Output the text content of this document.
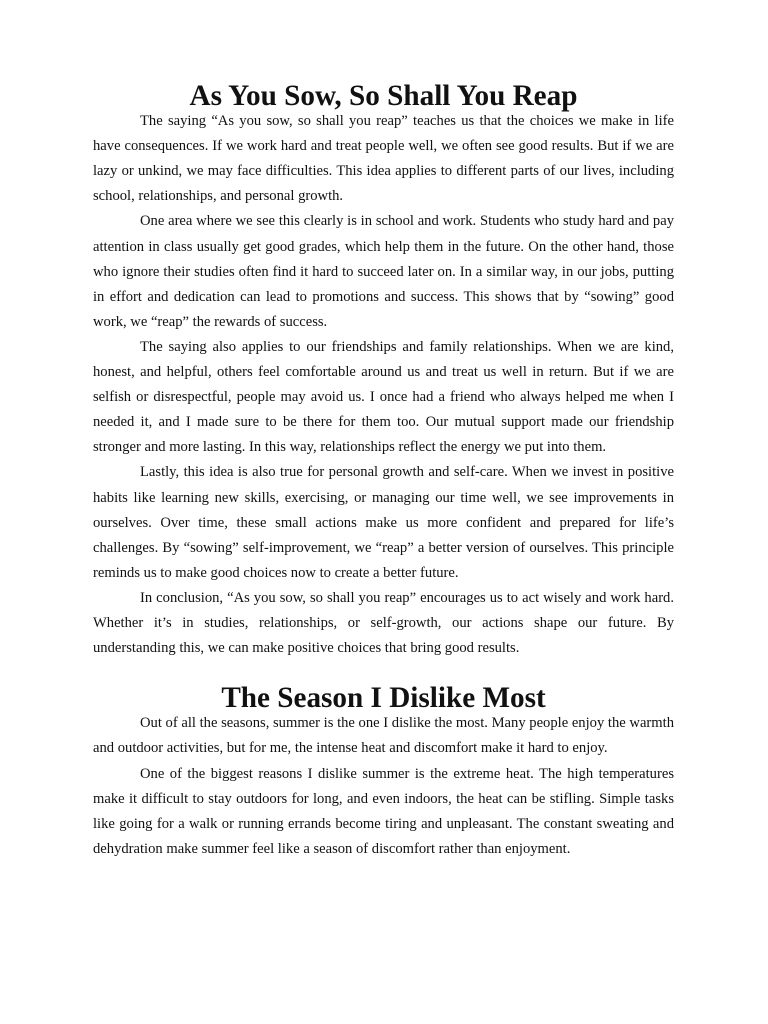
As You Sow, So Shall You Reap

The saying “As you sow, so shall you reap” teaches us that the choices we make in life have consequences. If we work hard and treat people well, we often see good results. But if we are lazy or unkind, we may face difficulties. This idea applies to different parts of our lives, including school, relationships, and personal growth.

One area where we see this clearly is in school and work. Students who study hard and pay attention in class usually get good grades, which help them in the future. On the other hand, those who ignore their studies often find it hard to succeed later on. In a similar way, in our jobs, putting in effort and dedication can lead to promotions and success. This shows that by “sowing” good work, we “reap” the rewards of success.

The saying also applies to our friendships and family relationships. When we are kind, honest, and helpful, others feel comfortable around us and treat us well in return. But if we are selfish or disrespectful, people may avoid us. I once had a friend who always helped me when I needed it, and I made sure to be there for them too. Our mutual support made our friendship stronger and more lasting. In this way, relationships reflect the energy we put into them.

Lastly, this idea is also true for personal growth and self-care. When we invest in positive habits like learning new skills, exercising, or managing our time well, we see improvements in ourselves. Over time, these small actions make us more confident and prepared for life’s challenges. By “sowing” self-improvement, we “reap” a better version of ourselves. This principle reminds us to make good choices now to create a better future.

In conclusion, “As you sow, so shall you reap” encourages us to act wisely and work hard. Whether it’s in studies, relationships, or self-growth, our actions shape our future. By understanding this, we can make positive choices that bring good results.

The Season I Dislike Most

Out of all the seasons, summer is the one I dislike the most. Many people enjoy the warmth and outdoor activities, but for me, the intense heat and discomfort make it hard to enjoy.

One of the biggest reasons I dislike summer is the extreme heat. The high temperatures make it difficult to stay outdoors for long, and even indoors, the heat can be stifling. Simple tasks like going for a walk or running errands become tiring and unpleasant. The constant sweating and dehydration make summer feel like a season of discomfort rather than enjoyment.
